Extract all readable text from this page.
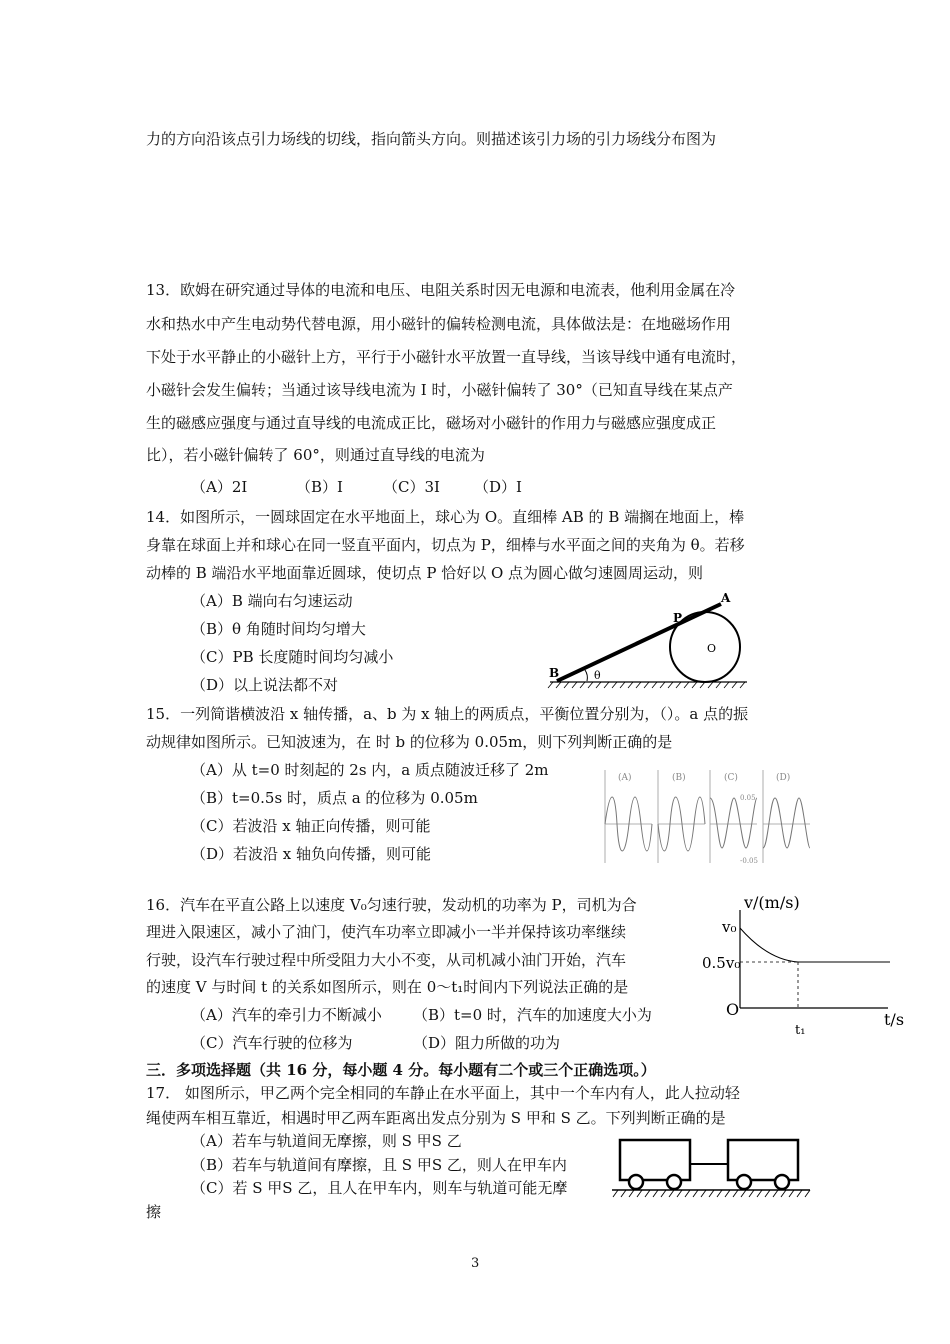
力的方向沿该点引力场线的切线，指向箭头方向。则描述该引力场的引力场线分布图为
13．欧姆在研究通过导体的电流和电压、电阻关系时因无电源和电流表，他利用金属在冷
水和热水中产生电动势代替电源，用小磁针的偏转检测电流，具体做法是：在地磁场作用
下处于水平静止的小磁针上方，平行于小磁针水平放置一直导线，当该导线中通有电流时，
小磁针会发生偏转；当通过该导线电流为 I 时，小磁针偏转了 30°（已知直导线在某点产
生的磁感应强度与通过直导线的电流成正比，磁场对小磁针的作用力与磁感应强度成正
比），若小磁针偏转了 60°，则通过直导线的电流为
（A）2I	（B）I	（C）3I （D）I
14．如图所示，一圆球固定在水平地面上，球心为 O。直细棒 AB 的 B 端搁在地面上，棒
身靠在球面上并和球心在同一竖直平面内，切点为 P，细棒与水平面之间的夹角为 θ。若移
动棒的 B 端沿水平地面靠近圆球，使切点 P 恰好以 O 点为圆心做匀速圆周运动，则
（A）B 端向右匀速运动
（B）θ 角随时间均匀增大
（C）PB 长度随时间均匀减小
（D）以上说法都不对
A
P
O
B	θ
15．一列简谐横波沿 x 轴传播，a、b 为 x 轴上的两质点，平衡位置分别为，（）。a 点的振
动规律如图所示。已知波速为，在 时 b 的位移为 0.05m，则下列判断正确的是
（A）从 t=0 时刻起的 2s 内，a 质点随波迁移了 2m
（B）t=0.5s 时，质点 a 的位移为 0.05m
（C）若波沿 x 轴正向传播，则可能
（D）若波沿 x 轴负向传播，则可能
(A)	(B)	(C)	(D)
0.05
-0.05
16．汽车在平直公路上以速度 V₀匀速行驶，发动机的功率为 P，司机为合
理进入限速区，减小了油门，使汽车功率立即减小一半并保持该功率继续
行驶，设汽车行驶过程中所受阻力大小不变，从司机减小油门开始，汽车
的速度 V 与时间 t 的关系如图所示，则在 0～t₁时间内下列说法正确的是
（A）汽车的牵引力不断减小 （B）t=0 时，汽车的加速度大小为
（C）汽车行驶的位移为	（D）阻力所做的功为
v/(m/s)
v₀
0.5v₀
O
t₁
t/s
三．多项选择题（共 16 分，每小题 4 分。每小题有二个或三个正确选项。）
17． 如图所示，甲乙两个完全相同的车静止在水平面上，其中一个车内有人，此人拉动轻
绳使两车相互靠近，相遇时甲乙两车距离出发点分别为 S 甲和 S 乙。下列判断正确的是
（A）若车与轨道间无摩擦，则 S 甲S 乙
（B）若车与轨道间有摩擦，且 S 甲S 乙，则人在甲车内
（C）若 S 甲S 乙，且人在甲车内，则车与轨道可能无摩
擦
3
